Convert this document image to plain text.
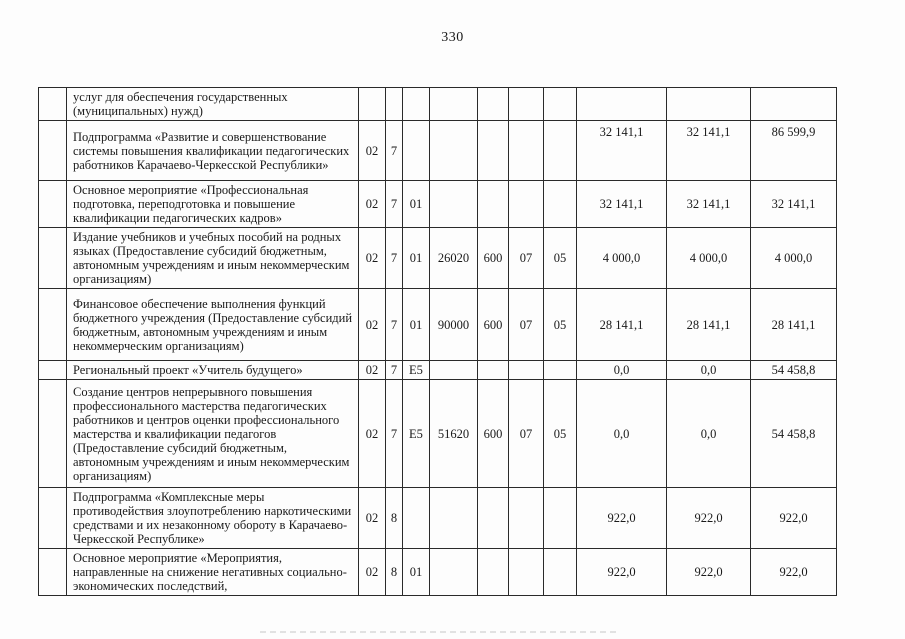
330
	услуг для обеспечения государственных (муниципальных) нужд)										
	Подпрограмма «Развитие и совершенствование системы повышения квалификации педагогических работников Карачаево-Черкесской Республики»	02	7						32 141,1	32 141,1	86 599,9
	Основное мероприятие «Профессиональная подготовка, переподготовка и повышение квалификации педагогических кадров»	02	7	01					32 141,1	32 141,1	32 141,1
	Издание учебников и учебных пособий на родных языках (Предоставление субсидий бюджетным, автономным учреждениям и иным некоммерческим организациям)	02	7	01	26020	600	07	05	4 000,0	4 000,0	4 000,0
	Финансовое обеспечение выполнения функций бюджетного учреждения (Предоставление субсидий бюджетным, автономным учреждениям и иным некоммерческим организациям)	02	7	01	90000	600	07	05	28 141,1	28 141,1	28 141,1
	Региональный проект «Учитель будущего»	02	7	E5					0,0	0,0	54 458,8
	Создание центров непрерывного повышения профессионального мастерства педагогических работников и центров оценки профессионального мастерства и квалификации педагогов (Предоставление субсидий бюджетным, автономным учреждениям и иным некоммерческим организациям)	02	7	E5	51620	600	07	05	0,0	0,0	54 458,8
	Подпрограмма «Комплексные меры противодействия злоупотреблению наркотическими средствами и их незаконному обороту в Карачаево-Черкесской Республике»	02	8						922,0	922,0	922,0
	Основное мероприятие «Мероприятия, направленные на снижение негативных социально-экономических последствий,	02	8	01					922,0	922,0	922,0
